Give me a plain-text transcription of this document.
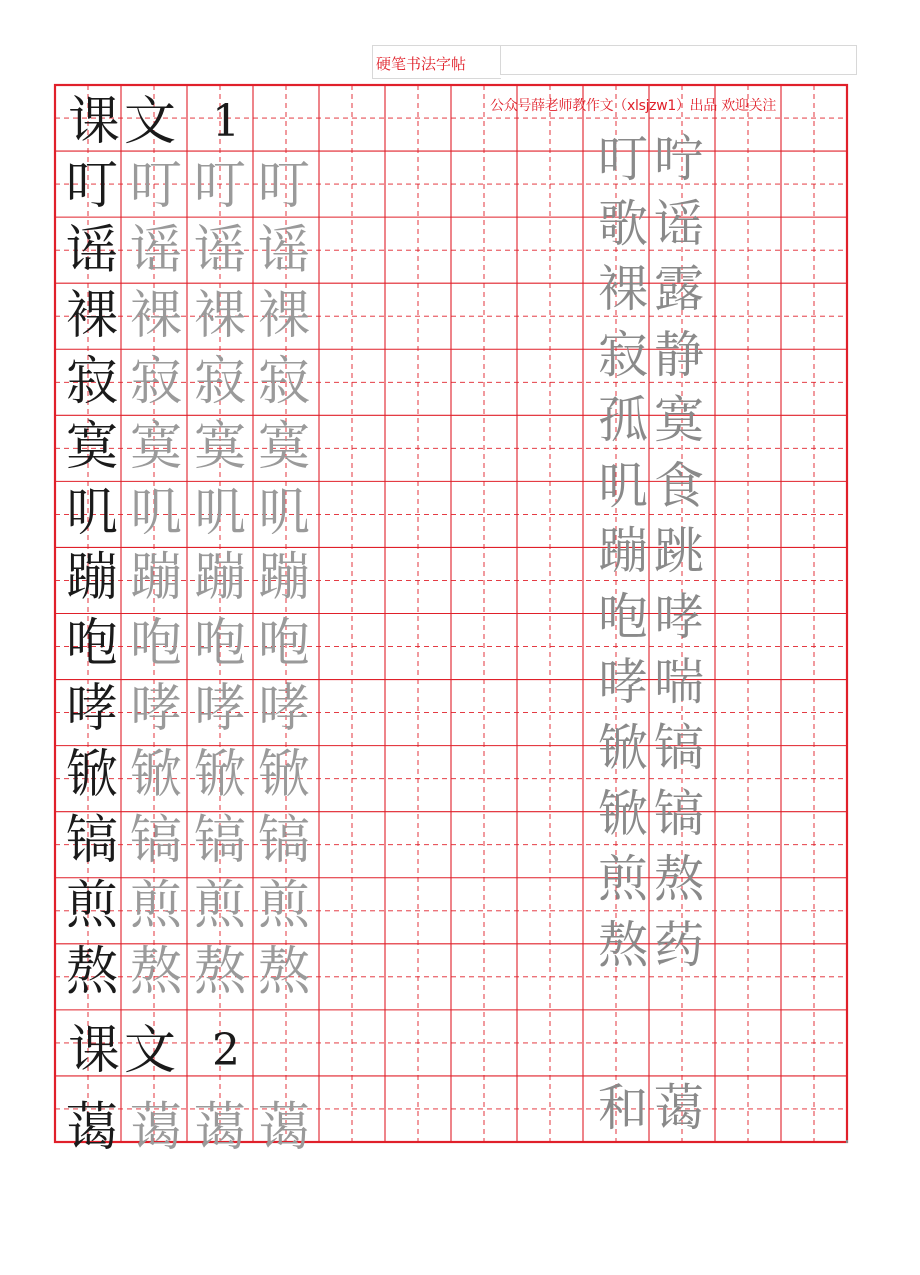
硬笔书法字帖
公众号薛老师教作文（xlsjzw1）出品 欢迎关注
课 文 1
叮 叮 叮 叮	叮 咛
谣 谣 谣 谣	歌 谣
裸 裸 裸 裸	裸 露
寂 寂 寂 寂	寂 静
寞 寞 寞 寞	孤 寞
叽 叽 叽 叽	叽 食
蹦 蹦 蹦 蹦	蹦 跳
咆 咆 咆 咆	咆 哮
哮 哮 哮 哮	哮 喘
锨 锨 锨 锨	锨 镐
镐 镐 镐 镐	锨 镐
煎 煎 煎 煎	煎 熬
熬 熬 熬 熬	熬 药
课 文 2
蔼 蔼 蔼 蔼	和 蔼
